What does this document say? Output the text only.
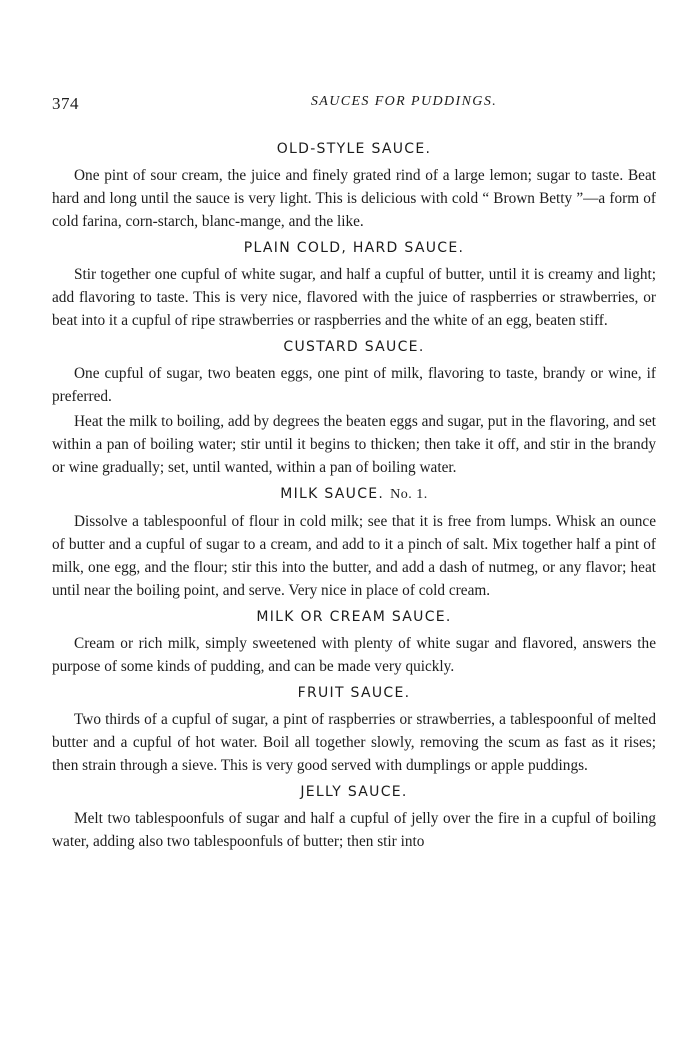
374	SAUCES FOR PUDDINGS.
OLD-STYLE SAUCE.

One pint of sour cream, the juice and finely grated rind of a large lemon; sugar to taste. Beat hard and long until the sauce is very light. This is delicious with cold “ Brown Betty ”—a form of cold farina, corn-starch, blanc-mange, and the like.

PLAIN COLD, HARD SAUCE.

Stir together one cupful of white sugar, and half a cupful of butter, until it is creamy and light; add flavoring to taste. This is very nice, flavored with the juice of raspberries or strawberries, or beat into it a cupful of ripe strawberries or raspberries and the white of an egg, beaten stiff.

CUSTARD SAUCE.

One cupful of sugar, two beaten eggs, one pint of milk, flavoring to taste, brandy or wine, if preferred.

Heat the milk to boiling, add by degrees the beaten eggs and sugar, put in the flavoring, and set within a pan of boiling water; stir until it begins to thicken; then take it off, and stir in the brandy or wine gradually; set, until wanted, within a pan of boiling water.

MILK SAUCE. No. 1.

Dissolve a tablespoonful of flour in cold milk; see that it is free from lumps. Whisk an ounce of butter and a cupful of sugar to a cream, and add to it a pinch of salt. Mix together half a pint of milk, one egg, and the flour; stir this into the butter, and add a dash of nutmeg, or any flavor; heat until near the boiling point, and serve. Very nice in place of cold cream.

MILK OR CREAM SAUCE.

Cream or rich milk, simply sweetened with plenty of white sugar and flavored, answers the purpose of some kinds of pudding, and can be made very quickly.

FRUIT SAUCE.

Two thirds of a cupful of sugar, a pint of raspberries or strawberries, a tablespoonful of melted butter and a cupful of hot water. Boil all together slowly, removing the scum as fast as it rises; then strain through a sieve. This is very good served with dumplings or apple puddings.

JELLY SAUCE.

Melt two tablespoonfuls of sugar and half a cupful of jelly over the fire in a cupful of boiling water, adding also two tablespoonfuls of butter; then stir into
